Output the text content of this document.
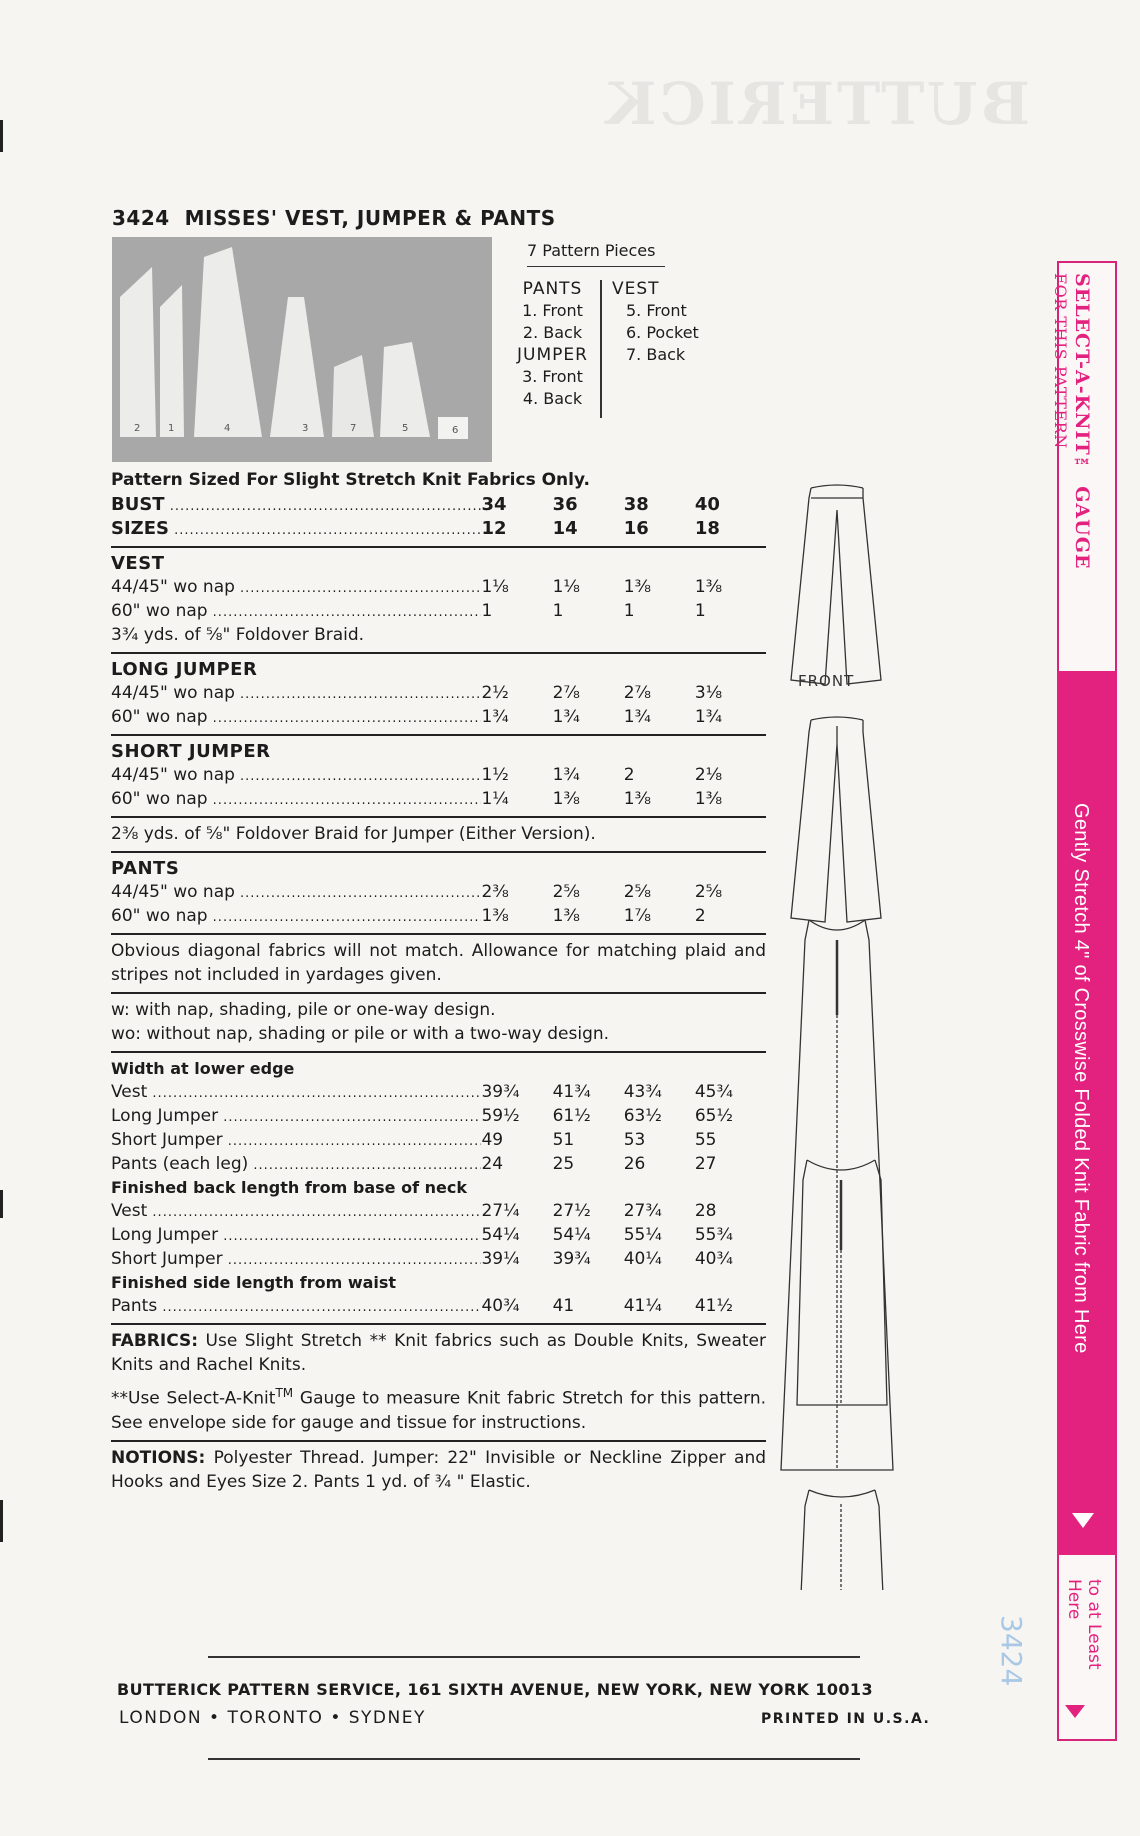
BUTTERICK
3424 MISSES' VEST, JUMPER & PANTS
2	1	4	3	7	5	6
7 Pattern Pieces
PANTS
1. Front
2. Back
JUMPER
3. Front
4. Back
VEST
5. Front
6. Pocket
7. Back
Pattern Sized For Slight Stretch Knit Fabrics Only.
BUST .....	34	36	38	40
SIZES .....	12	14	16	18
VEST
44/45" wo nap .....	1⅛	1⅛	1⅜	1⅜
60" wo nap .....	1	1	1	1
3¾ yds. of ⅝" Foldover Braid.
LONG JUMPER
44/45" wo nap .....	2½	2⅞	2⅞	3⅛
60" wo nap .....	1¾	1¾	1¾	1¾
SHORT JUMPER
44/45" wo nap .....	1½	1¾	2	2⅛
60" wo nap .....	1¼	1⅜	1⅜	1⅜
2⅜ yds. of ⅝" Foldover Braid for Jumper (Either Version).
PANTS
44/45" wo nap .....	2⅜	2⅝	2⅝	2⅝
60" wo nap .....	1⅜	1⅜	1⅞	2
Obvious diagonal fabrics will not match. Allowance for matching plaid and stripes not included in yardages given.
w: with nap, shading, pile or one-way design.
wo: without nap, shading or pile or with a two-way design.
Width at lower edge
Vest .....	39¾	41¾	43¾	45¾
Long Jumper .....	59½	61½	63½	65½
Short Jumper .....	49	51	53	55
Pants (each leg) .....	24	25	26	27
Finished back length from base of neck
Vest .....	27¼	27½	27¾	28
Long Jumper .....	54¼	54¼	55¼	55¾
Short Jumper .....	39¼	39¾	40¼	40¾
Finished side length from waist
Pants .....	40¾	41	41¼	41½
FABRICS: Use Slight Stretch ** Knit fabrics such as Double Knits, Sweater Knits and Rachel Knits.
**Use Select-A-Knit™ Gauge to measure Knit fabric Stretch for this pattern. See envelope side for gauge and tissue for instructions.
NOTIONS: Polyester Thread. Jumper: 22" Invisible or Neckline Zipper and Hooks and Eyes Size 2. Pants 1 yd. of ¾ " Elastic.
FRONT
BUTTERICK PATTERN SERVICE, 161 SIXTH AVENUE, NEW YORK, NEW YORK 10013
LONDON • TORONTO • SYDNEY	PRINTED IN U.S.A.
SELECT-A-KNIT™ GAUGE
FOR THIS PATTERN
Gently Stretch 4" of Crosswise Folded Knit Fabric from Here
to at Least
Here
3424
